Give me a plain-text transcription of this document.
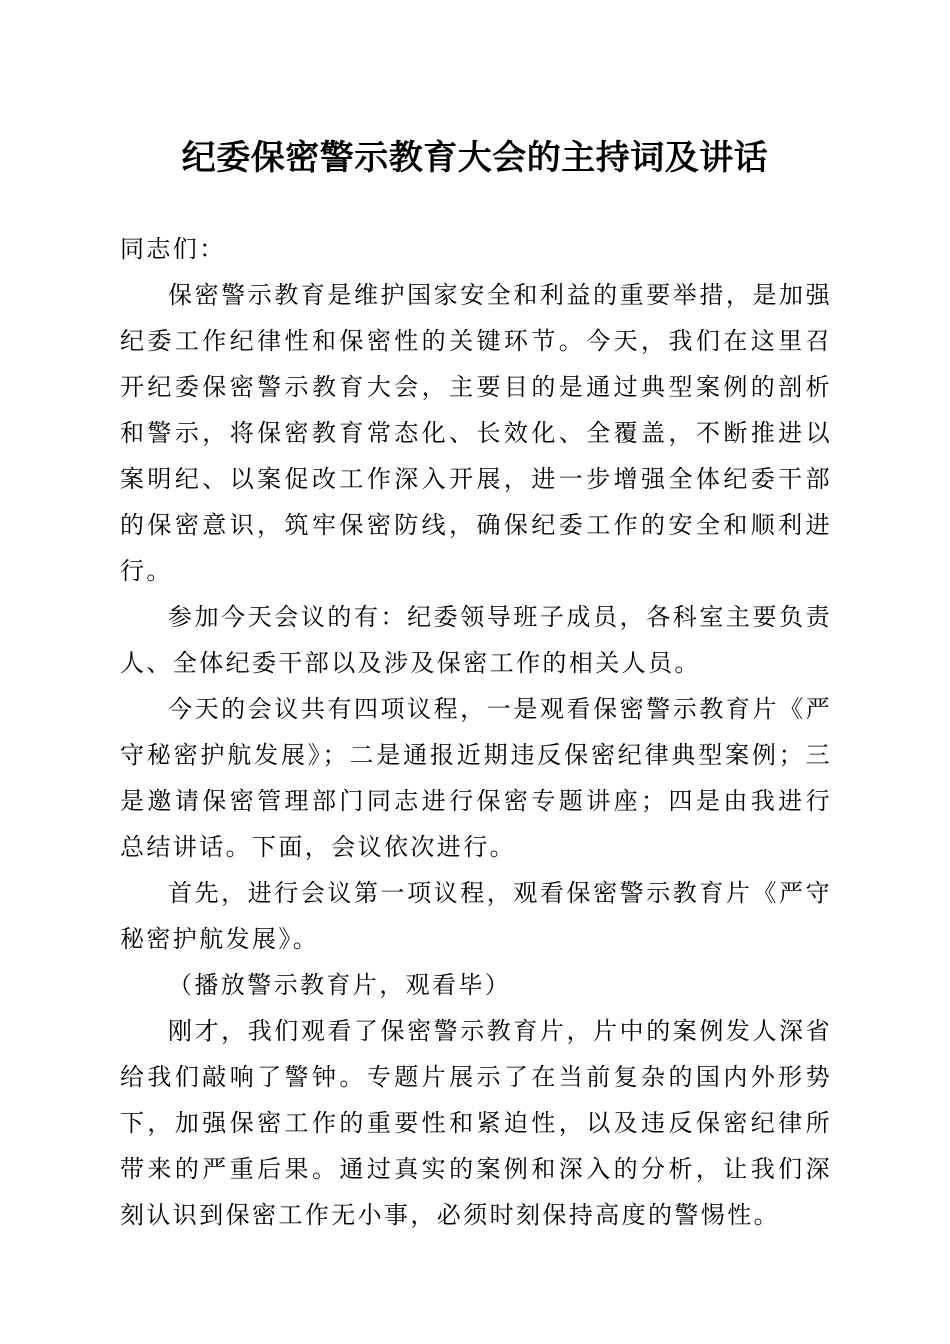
纪委保密警示教育大会的主持词及讲话

同志们：

保密警示教育是维护国家安全和利益的重要举措，是加强纪委工作纪律性和保密性的关键环节。今天，我们在这里召开纪委保密警示教育大会，主要目的是通过典型案例的剖析和警示，将保密教育常态化、长效化、全覆盖，不断推进以案明纪、以案促改工作深入开展，进一步增强全体纪委干部的保密意识，筑牢保密防线，确保纪委工作的安全和顺利进行。

参加今天会议的有：纪委领导班子成员，各科室主要负责人、全体纪委干部以及涉及保密工作的相关人员。

今天的会议共有四项议程，一是观看保密警示教育片《严守秘密护航发展》；二是通报近期违反保密纪律典型案例；三是邀请保密管理部门同志进行保密专题讲座；四是由我进行总结讲话。下面，会议依次进行。

首先，进行会议第一项议程，观看保密警示教育片《严守秘密护航发展》。

（播放警示教育片，观看毕）

刚才，我们观看了保密警示教育片，片中的案例发人深省给我们敲响了警钟。专题片展示了在当前复杂的国内外形势下，加强保密工作的重要性和紧迫性，以及违反保密纪律所带来的严重后果。通过真实的案例和深入的分析，让我们深刻认识到保密工作无小事，必须时刻保持高度的警惕性。
